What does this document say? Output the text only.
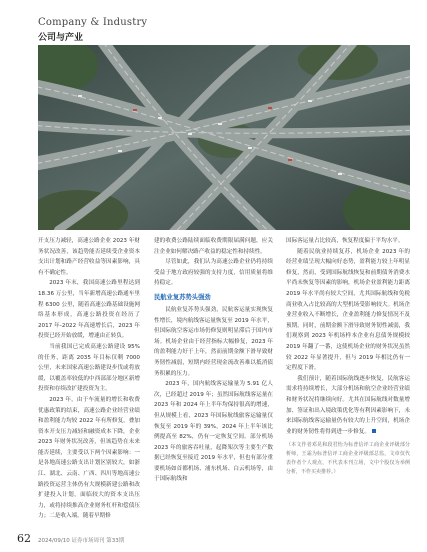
Company & Industry
公司与产业

开支压力减轻，高速公路企业 2023 年财务状况改善，该趋势能否延续受企业资本支出计划和路产经营收益等因素影响，具有不确定性。

2023 年末，我国高速公路里程达到 18.36 万公里，当年新增高速公路通车里程 6300 公里，随着高速公路基础设施网络基本形成，高速公路投资在经历了 2017 年-2022 年高速增长后，2023 年投资已经开始放缓，增速由正转负。

当前我国已完成高速公路建设 95% 的任务，距离 2035 年目标仅剩 7000 公里，未来国家高速公路建设步伐或将放缓，以覆盖率较低的中西部部分地区新增投资和存续改扩建投资为主。

2023 年，由于车流量的增长和收费优惠政策的结束，高速公路企业经营业绩和盈利能力均较 2022 年有所修复，叠加资本开支压力减轻和融资成本下降，企业 2023 年财务状况改善，但该趋势在未来能否延续，主要受以下两个因素影响：一是各地高速公路支出计划区别较大，如浙江、湖北、云南、广西、四川等地高速公路投资运营主体仍有大规模新建公路和改扩建投入计划，面临较大的资本支出压力，或将持续推高企业财务杠杆和偿债压力；二是收入端，随着早期修

建的收费公路陆续面临收费期限届满问题，应关注企业如何解决路产收益的稳定性和持续性。

尽管如此，我们认为高速公路企业仍将持续受益于地方政府较强的支持力度，信用质量将维持稳定。

民航业复苏势头强劲

民航业复苏势头强劲，民航客运量实现恢复性增长，境内航线客运量恢复至 2019 年水平，但国际航空客运市场仍修复则明显滞后于国内市场。机场企业由于经营指标大幅修复，2023 年的盈利能力好于上年，然而前期金额下滑导致财务韧性减弱，短期内经营现金流改善难以抵消债务积累的压力。

2023 年，国内航线客运输量为 5.91 亿人次，已经超过 2019 年；虽然国际航线客运量在 2023 年和 2024 年上半年均保持很高的增速，但从规模上看，2023 年国际航线旅客运输量仅恢复至 2019 年的 39%，2024 年上半年该比例提高至 82%，仍有一定恢复空间。部分机场 2023 年的旅客吞吐量，起降架次等主要生产数据已经恢复至接近 2019 年水平，但也有部分重要机场如首都机场、浦东机场、白云机场等，由于国际航线和

国际客运量占比较高，恢复程度偏于平均水平。

随着民航业持续复苏，机场企业 2023 年的经营业绩呈现大幅向好态势，盈利能力较上年明显修复，然而，受到国际航线恢复和前期债务消费水平尚未恢复等因素的影响，机场企业盈利能力距离 2019 年水平尚有较大空间，尤其国际航线和免税商业收入占比较高的大型机场受影响较大。机场企业营业收入不断增长，企业盈利能力修复情况不及预期。同时，前期金额下滑导致财务韧性减弱，我们观察到 2023 年机场样本企业有息债务规模较 2019 年翻了一番，这使机场企业的财务状况虽然较 2022 年显著提升，但与 2019 年相比仍有一定程度下滑。

我们预计，随着国际航线逐步恢复，民航客运需求将持续增长，大部分机场和航空企业经营业绩和财务状况将继续向好。尤其在国际航线对数量增加、签证和出入境政策优化等有利因素影响下，未来国际航线客运输量仍有较大的上升空间，机场企业的财务韧性将得到进一步修复。

（本文作者邓晃和段君怡为标普信评工商企业评级部分析师，王霜为标普信评工商企业评级部总监，文章仅代表作者个人观点，不代表本刊立场，文中个股仅为举例分析，不作买卖推荐。）

62 2024/09/10 证券市场周刊 第33期
